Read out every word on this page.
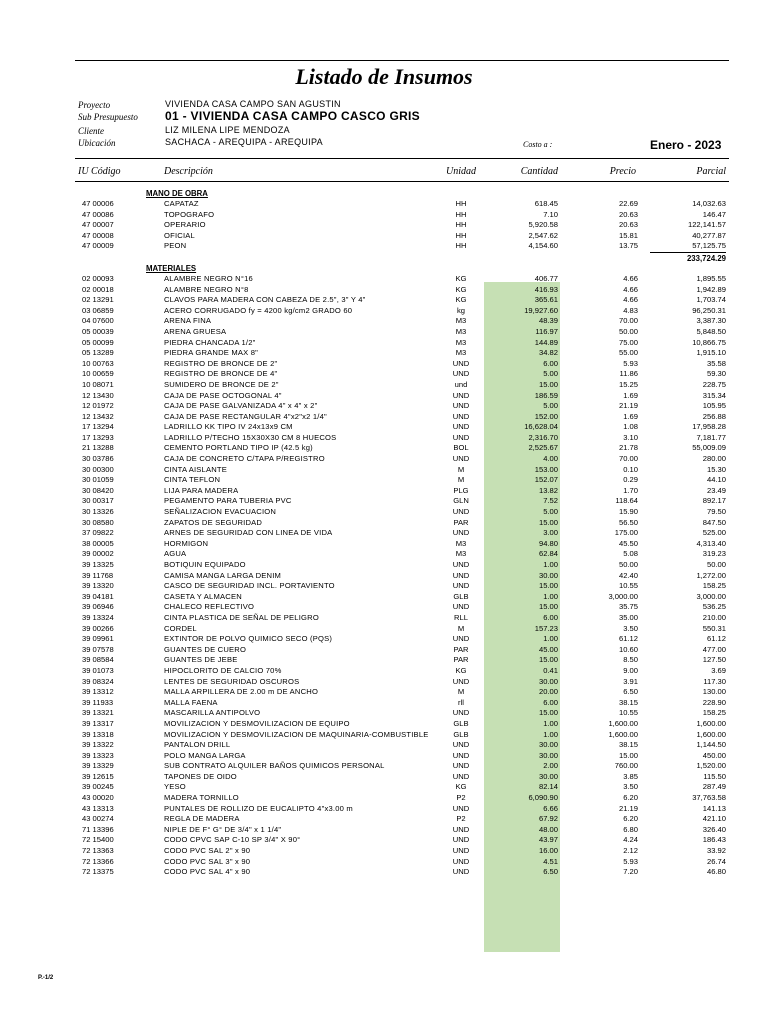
Listado de Insumos
Proyecto	VIVIENDA CASA CAMPO SAN AGUSTIN
Sub Presupuesto 01 - VIVIENDA CASA CAMPO CASCO GRIS
Cliente	LIZ MILENA LIPE MENDOZA
Ubicación	SACHACA - AREQUIPA - AREQUIPA	Costo a :	Enero - 2023
IU Código	Descripción	Unidad	Cantidad	Precio	Parcial
MANO DE OBRA
47 00006	CAPATAZ	HH	618.45	22.69	14,032.63
47 00086	TOPOGRAFO	HH	7.10	20.63	146.47
47 00007	OPERARIO	HH	5,920.58	20.63	122,141.57
47 00008	OFICIAL	HH	2,547.62	15.81	40,277.87
47 00009	PEON	HH	4,154.60	13.75	57,125.75
233,724.29
MATERIALES
02 00093	ALAMBRE NEGRO N°16	KG	406.77	4.66	1,895.55
02 00018	ALAMBRE NEGRO N°8	KG	416.93	4.66	1,942.89
02 13291	CLAVOS PARA MADERA CON CABEZA DE 2.5", 3" Y 4"	KG	365.61	4.66	1,703.74
03 06859	ACERO CORRUGADO fy = 4200 kg/cm2 GRADO 60	kg	19,927.60	4.83	96,250.31
04 07600	ARENA FINA	M3	48.39	70.00	3,387.30
05 00039	ARENA GRUESA	M3	116.97	50.00	5,848.50
05 00099	PIEDRA CHANCADA 1/2"	M3	144.89	75.00	10,866.75
05 13289	PIEDRA GRANDE MAX 8"	M3	34.82	55.00	1,915.10
10 00763	REGISTRO DE BRONCE DE 2"	UND	6.00	5.93	35.58
10 00659	REGISTRO DE BRONCE DE 4"	UND	5.00	11.86	59.30
10 08071	SUMIDERO DE BRONCE DE 2"	und	15.00	15.25	228.75
12 13430	CAJA DE PASE OCTOGONAL 4"	UND	186.59	1.69	315.34
12 01972	CAJA DE PASE GALVANIZADA 4" x 4" x 2"	UND	5.00	21.19	105.95
12 13432	CAJA DE PASE RECTANGULAR 4"x2"x2 1/4"	UND	152.00	1.69	256.88
17 13294	LADRILLO KK TIPO IV 24x13x9 CM	UND	16,628.04	1.08	17,958.28
17 13293	LADRILLO P/TECHO 15X30X30 CM 8 HUECOS	UND	2,316.70	3.10	7,181.77
21 13288	CEMENTO PORTLAND TIPO IP (42.5 kg)	BOL	2,525.67	21.78	55,009.09
30 03786	CAJA DE CONCRETO C/TAPA P/REGISTRO	UND	4.00	70.00	280.00
30 00300	CINTA AISLANTE	M	153.00	0.10	15.30
30 01059	CINTA TEFLON	M	152.07	0.29	44.10
30 08420	LIJA PARA MADERA	PLG	13.82	1.70	23.49
30 00317	PEGAMENTO PARA TUBERIA PVC	GLN	7.52	118.64	892.17
30 13326	SEÑALIZACION EVACUACION	UND	5.00	15.90	79.50
30 08580	ZAPATOS DE SEGURIDAD	PAR	15.00	56.50	847.50
37 09822	ARNES DE SEGURIDAD CON LINEA DE VIDA	UND	3.00	175.00	525.00
38 00005	HORMIGON	M3	94.80	45.50	4,313.40
39 00002	AGUA	M3	62.84	5.08	319.23
39 13325	BOTIQUIN EQUIPADO	UND	1.00	50.00	50.00
39 11768	CAMISA MANGA LARGA DENIM	UND	30.00	42.40	1,272.00
39 13320	CASCO DE SEGURIDAD INCL. PORTAVIENTO	UND	15.00	10.55	158.25
39 04181	CASETA Y ALMACEN	GLB	1.00	3,000.00	3,000.00
39 06946	CHALECO REFLECTIVO	UND	15.00	35.75	536.25
39 13324	CINTA PLASTICA DE SEÑAL DE PELIGRO	RLL	6.00	35.00	210.00
39 00266	CORDEL	M	157.23	3.50	550.31
39 09961	EXTINTOR DE POLVO QUIMICO SECO (PQS)	UND	1.00	61.12	61.12
39 07578	GUANTES DE CUERO	PAR	45.00	10.60	477.00
39 08584	GUANTES DE JEBE	PAR	15.00	8.50	127.50
39 01073	HIPOCLORITO DE CALCIO 70%	KG	0.41	9.00	3.69
39 08324	LENTES DE SEGURIDAD OSCUROS	UND	30.00	3.91	117.30
39 13312	MALLA ARPILLERA DE 2.00 m DE ANCHO	M	20.00	6.50	130.00
39 11933	MALLA FAENA	rll	6.00	38.15	228.90
39 13321	MASCARILLA ANTIPOLVO	UND	15.00	10.55	158.25
39 13317	MOVILIZACION Y DESMOVILIZACION DE EQUIPO	GLB	1.00	1,600.00	1,600.00
39 13318	MOVILIZACION Y DESMOVILIZACION DE MAQUINARIA-COMBUSTIBLE	GLB	1.00	1,600.00	1,600.00
39 13322	PANTALON DRILL	UND	30.00	38.15	1,144.50
39 13323	POLO MANGA LARGA	UND	30.00	15.00	450.00
39 13329	SUB CONTRATO ALQUILER BAÑOS QUIMICOS PERSONAL	UND	2.00	760.00	1,520.00
39 12615	TAPONES DE OIDO	UND	30.00	3.85	115.50
39 00245	YESO	KG	82.14	3.50	287.49
43 00020	MADERA TORNILLO	P2	6,090.90	6.20	37,763.58
43 13313	PUNTALES DE ROLLIZO DE EUCALIPTO 4"x3.00 m	UND	6.66	21.19	141.13
43 00274	REGLA DE MADERA	P2	67.92	6.20	421.10
71 13396	NIPLE DE F° G° DE 3/4" x 1 1/4"	UND	48.00	6.80	326.40
72 15400	CODO CPVC SAP C-10 SP 3/4" X 90°	UND	43.97	4.24	186.43
72 13363	CODO PVC SAL 2" x 90	UND	16.00	2.12	33.92
72 13366	CODO PVC SAL 3" x 90	UND	4.51	5.93	26.74
72 13375	CODO PVC SAL 4" x 90	UND	6.50	7.20	46.80
P.-1/2
